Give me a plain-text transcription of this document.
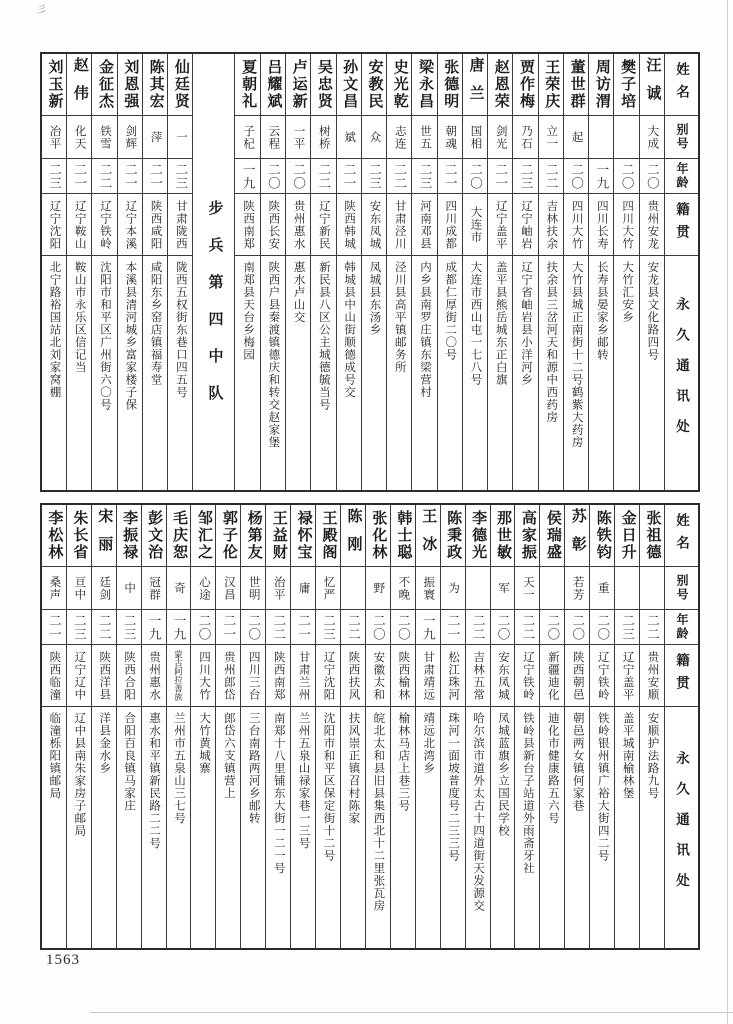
彡
姓名
别号
年龄
籍贯
永久通讯处
汪诚
大成
二〇
贵州安龙
安龙县文化路四号
樊子培
二〇
四川大竹
大竹汇安乡
周访渭
一九
四川长寿
长寿县晏家乡邮转
董世群
起
二〇
四川大竹
大竹县城正南街十二号鹤紫大药房
王荣庆
立一
二二
吉林扶余
扶余县三岔河天和源中西药房
贾作梅
乃石
二三
辽宁岫岩
辽宁省岫岩县小洋河乡
赵恩荣
剑光
二一
辽宁盖平
盖平县熊岳城东正白旗
唐兰
国相
二〇
大连市
大连市西山屯一七八号
张德明
朝魂
二一
四川成都
成都仁厚街二〇号
梁永昌
世五
二三
河南邓县
内乡县南罗庄镇东梁营村
史光乾
志连
二二
甘肃泾川
泾川县高平镇邮务所
安教民
众
二三
安东凤城
凤城县东汤乡
孙文昌
斌
二一
陕西韩城
韩城县中山街顺德成号交
吴忠贤
树桥
二二
辽宁新民
新民县八区公主城德毓当号
卢运新
一平
二〇
贵州惠水
惠水卢山交
吕耀斌
云程
二〇
陕西长安
陕西户县秦渡镇德庆和转交赵家堡
夏朝礼
子杞
一九
陕西南郑
南郑县天台乡梅园
步兵第四中队
仙廷贤
一
二三
甘肃陇西
陇西五权街东巷口四五号
陈其宏
萍
二一
陕西咸阳
咸阳东乡窑店镇福寿堂
刘恩强
剑辉
二一
辽宁本溪
本溪县清河城乡富家楼子保
金征杰
铁雪
二二
辽宁铁岭
沈阳市和平区广州街六〇号
赵伟
化天
二一
辽宁鞍山
鞍山市永乐区信记当
刘玉新
冶平
二三
辽宁沈阳
北宁路裕国站北刘家窝棚
姓名
别号
年龄
籍贯
永久通讯处
张祖德
二二
贵州安顺
安顺护法路九号
金日升
二三
辽宁盖平
盖平城南榆林堡
陈铁钧
重
二〇
辽宁铁岭
铁岭银州镇广裕大街四二号
苏彰
若芳
二〇
陕西朝邑
朝邑两女镇何家巷
侯瑞盛
二〇
新疆迪化
迪化市健康路五六号
高家振
天一
二二
辽宁铁岭
铁岭县新台子站道外雨斋牙社
那世敏
军
二〇
安东凤城
凤城蓝旗乡立国民学校
李德光
二二
吉林五常
哈尔滨市道外太古十四道街天发源交
陈秉政
为
二一
松江珠河
珠河一面坡普度号二三三号
王冰
振寰
一九
甘肃靖远
靖远北湾乡
韩士聪
不晚
二〇
陕西榆林
榆林马店上巷三号
张化林
野
二〇
安徽太和
皖北太和县旧县集西北十二里张瓦房
陈刚
二二
陕西扶风
扶风崇正镇召村陈家
王殿阁
忆严
二三
辽宁沈阳
沈阳市和平区保定街十二号
禄怀宝
庸
二一
甘肃兰州
兰州五泉山禄家巷一三号
王益财
治平
二二
陕西南郑
南郑十八里铺东大街一二一号
杨第友
世明
二〇
四川三台
三台南路两河乡邮转
郭子伦
汉昌
二一
贵州郎岱
郎岱六支镇营上
邹汇之
心途
二〇
四川大竹
大竹黄城寨
毛庆恕
奇
一九
蒙古阿拉善族
兰州市五泉山三七号
彭文治
冠群
一九
贵州惠水
惠水和平镇新民路二二号
李振禄
中
二三
陕西合阳
合阳百良镇马家庄
宋丽
廷剑
二二
陕西洋县
洋县金水乡
朱长省
亘中
二三
辽宁辽中
辽中县南朱家房子邮局
李松林
桑声
二一
陕西临潼
临潼栎阳镇邮局
1563
